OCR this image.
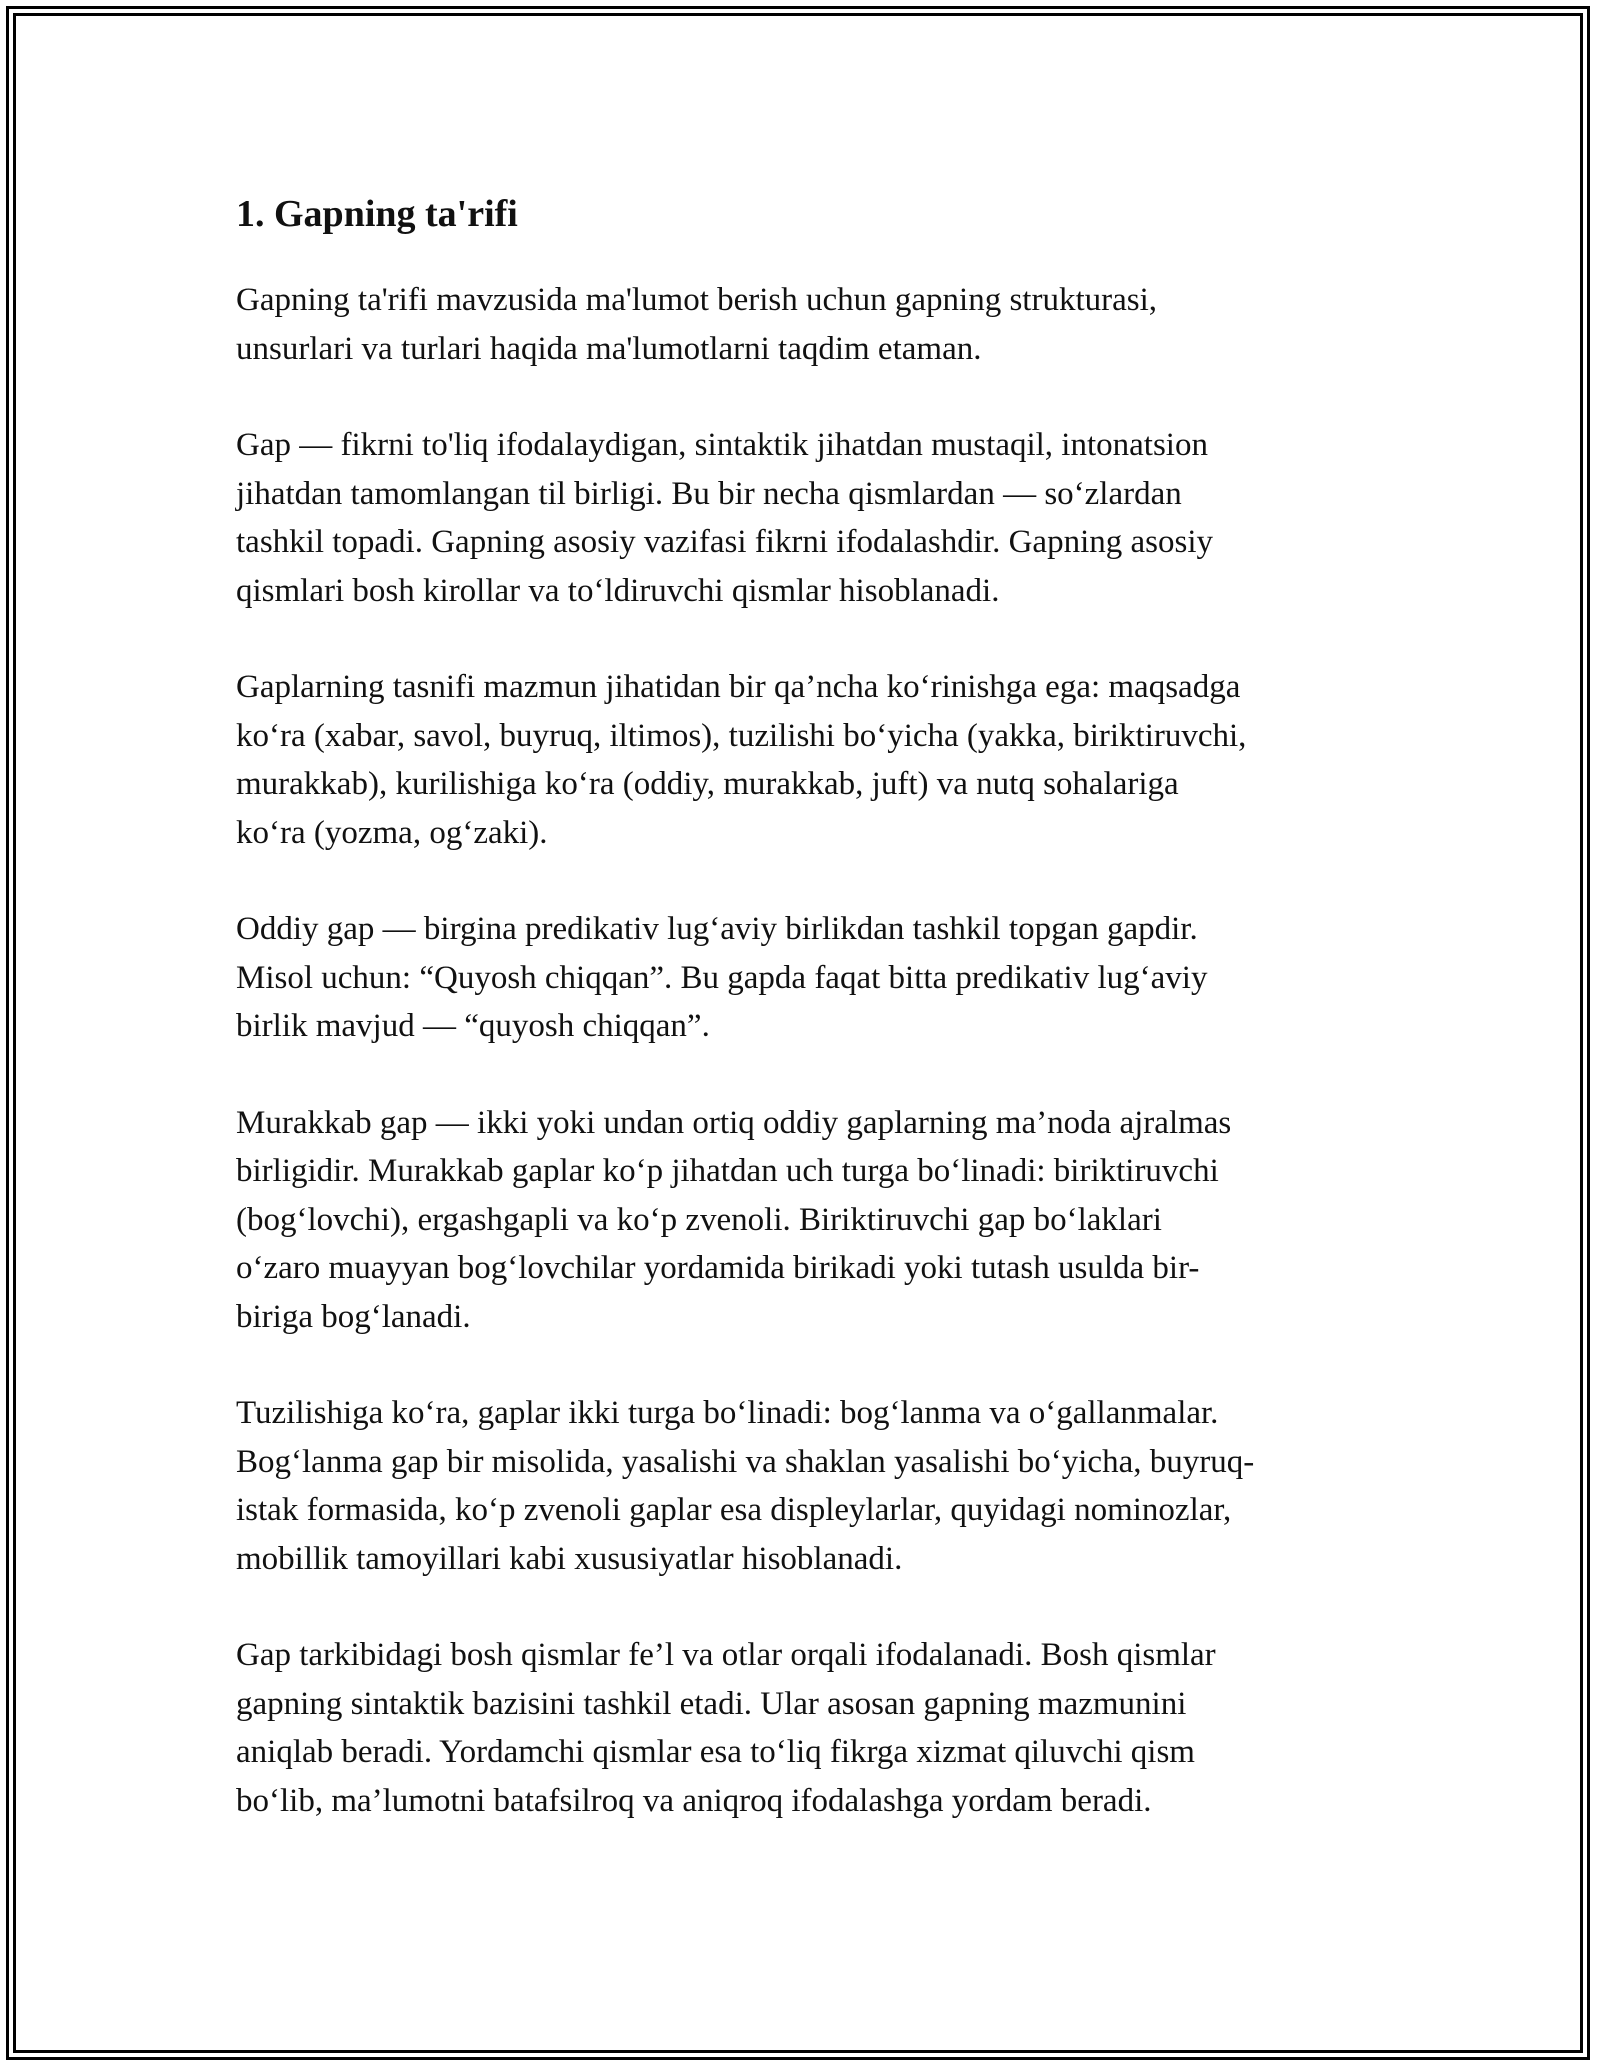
1. Gapning ta'rifi

Gapning ta'rifi mavzusida ma'lumot berish uchun gapning strukturasi,
unsurlari va turlari haqida ma'lumotlarni taqdim etaman.

Gap — fikrni to'liq ifodalaydigan, sintaktik jihatdan mustaqil, intonatsion
jihatdan tamomlangan til birligi. Bu bir necha qismlardan — so‘zlardan
tashkil topadi. Gapning asosiy vazifasi fikrni ifodalashdir. Gapning asosiy
qismlari bosh kirollar va to‘ldiruvchi qismlar hisoblanadi.

Gaplarning tasnifi mazmun jihatidan bir qa’ncha ko‘rinishga ega: maqsadga
ko‘ra (xabar, savol, buyruq, iltimos), tuzilishi bo‘yicha (yakka, biriktiruvchi,
murakkab), kurilishiga ko‘ra (oddiy, murakkab, juft) va nutq sohalariga
ko‘ra (yozma, og‘zaki).

Oddiy gap — birgina predikativ lug‘aviy birlikdan tashkil topgan gapdir.
Misol uchun: “Quyosh chiqqan”. Bu gapda faqat bitta predikativ lug‘aviy
birlik mavjud — “quyosh chiqqan”.

Murakkab gap — ikki yoki undan ortiq oddiy gaplarning ma’noda ajralmas
birligidir. Murakkab gaplar ko‘p jihatdan uch turga bo‘linadi: biriktiruvchi
(bog‘lovchi), ergashgapli va ko‘p zvenoli. Biriktiruvchi gap bo‘laklari
o‘zaro muayyan bog‘lovchilar yordamida birikadi yoki tutash usulda bir-
biriga bog‘lanadi.

Tuzilishiga ko‘ra, gaplar ikki turga bo‘linadi: bog‘lanma va o‘gallanmalar.
Bog‘lanma gap bir misolida, yasalishi va shaklan yasalishi bo‘yicha, buyruq-
istak formasida, ko‘p zvenoli gaplar esa displeylarlar, quyidagi nominozlar,
mobillik tamoyillari kabi xususiyatlar hisoblanadi.

Gap tarkibidagi bosh qismlar fe’l va otlar orqali ifodalanadi. Bosh qismlar
gapning sintaktik bazisini tashkil etadi. Ular asosan gapning mazmunini
aniqlab beradi. Yordamchi qismlar esa to‘liq fikrga xizmat qiluvchi qism
bo‘lib, ma’lumotni batafsilroq va aniqroq ifodalashga yordam beradi.
